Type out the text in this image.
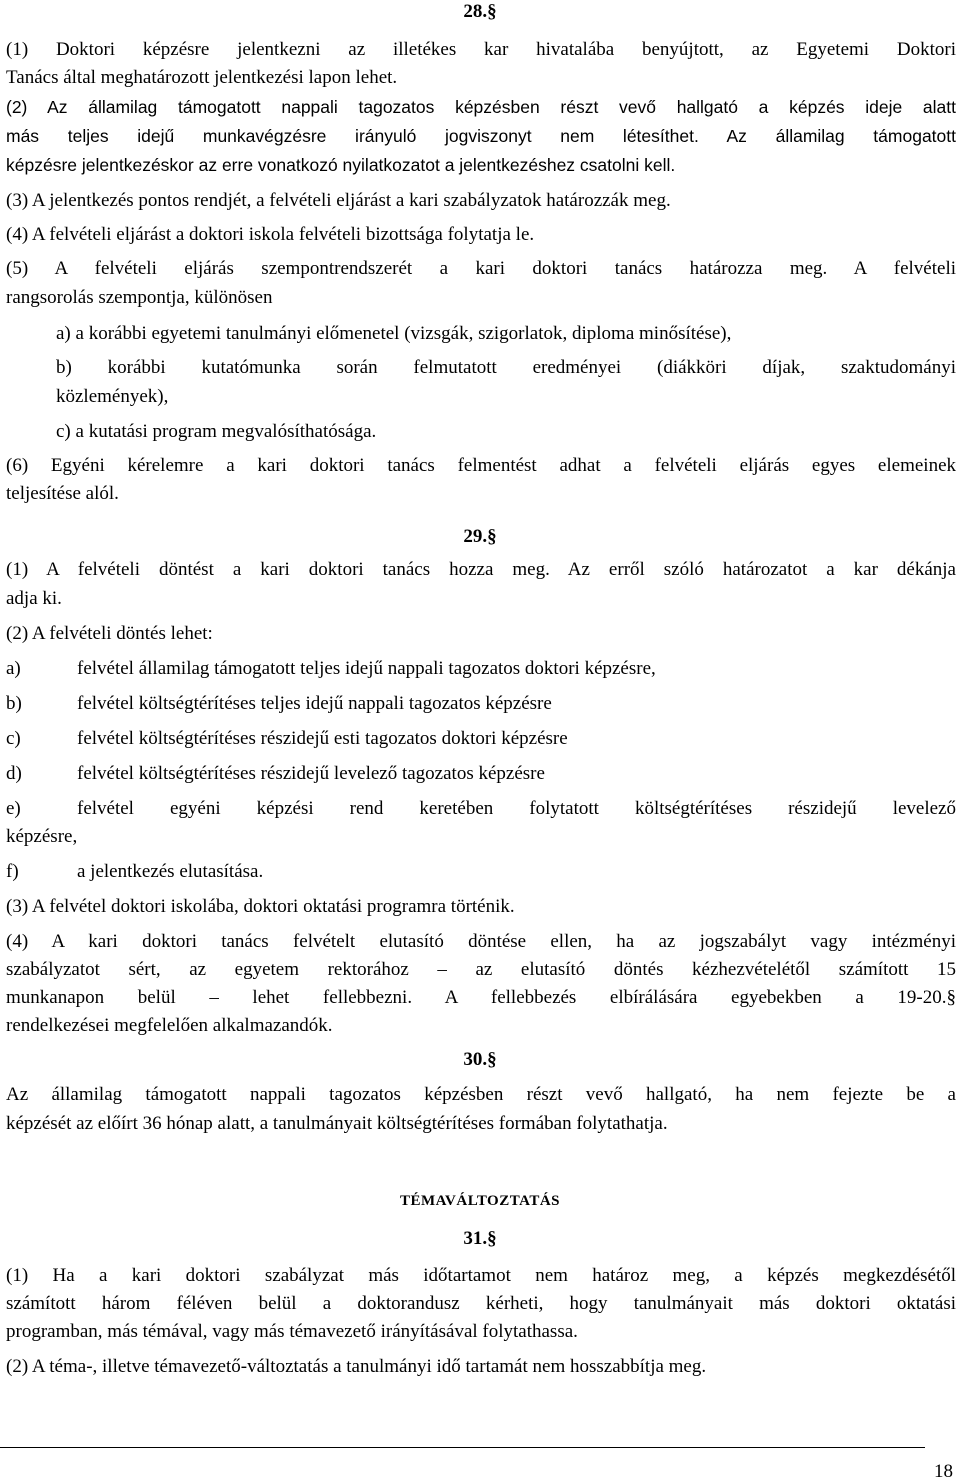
28.§
(1) Doktori képzésre jelentkezni az illetékes kar hivatalába benyújtott, az Egyetemi Doktori
Tanács által meghatározott jelentkezési lapon lehet.
(2) Az államilag támogatott nappali tagozatos képzésben részt vevő hallgató a képzés ideje alatt
más teljes idejű munkavégzésre irányuló jogviszonyt nem létesíthet. Az államilag támogatott
képzésre jelentkezéskor az erre vonatkozó nyilatkozatot a jelentkezéshez csatolni kell.
(3) A jelentkezés pontos rendjét, a felvételi eljárást a kari szabályzatok határozzák meg.
(4) A felvételi eljárást a doktori iskola felvételi bizottsága folytatja le.
(5) A felvételi eljárás szempontrendszerét a kari doktori tanács határozza meg. A felvételi
rangsorolás szempontja, különösen
a) a korábbi egyetemi tanulmányi előmenetel (vizsgák, szigorlatok, diploma minősítése),
b) korábbi kutatómunka során felmutatott eredményei (diákköri díjak, szaktudományi
közlemények),
c) a kutatási program megvalósíthatósága.
(6) Egyéni kérelemre a kari doktori tanács felmentést adhat a felvételi eljárás egyes elemeinek
teljesítése alól.
29.§
(1) A felvételi döntést a kari doktori tanács hozza meg. Az erről szóló határozatot a kar dékánja
adja ki.
(2) A felvételi döntés lehet:
a)	felvétel államilag támogatott teljes idejű nappali tagozatos doktori képzésre,
b)	felvétel költségtérítéses teljes idejű nappali tagozatos képzésre
c)	felvétel költségtérítéses részidejű esti tagozatos doktori képzésre
d)	felvétel költségtérítéses részidejű levelező tagozatos képzésre
e)	felvétel egyéni képzési rend keretében folytatott költségtérítéses részidejű levelező
képzésre,
f)	a jelentkezés elutasítása.
(3) A felvétel doktori iskolába, doktori oktatási programra történik.
(4) A kari doktori tanács felvételt elutasító döntése ellen, ha az jogszabályt vagy intézményi
szabályzatot sért, az egyetem rektorához – az elutasító döntés kézhezvételétől számított 15
munkanapon belül – lehet fellebbezni. A fellebbezés elbírálására egyebekben a 19-20.§
rendelkezései megfelelően alkalmazandók.
30.§
Az államilag támogatott nappali tagozatos képzésben részt vevő hallgató, ha nem fejezte be a
képzését az előírt 36 hónap alatt, a tanulmányait költségtérítéses formában folytathatja.
TÉMAVÁLTOZTATÁS
31.§
(1) Ha a kari doktori szabályzat más időtartamot nem határoz meg, a képzés megkezdésétől
számított három féléven belül a doktorandusz kérheti, hogy tanulmányait más doktori oktatási
programban, más témával, vagy más témavezető irányításával folytathassa.
(2) A téma-, illetve témavezető-változtatás a tanulmányi idő tartamát nem hosszabbítja meg.
18
